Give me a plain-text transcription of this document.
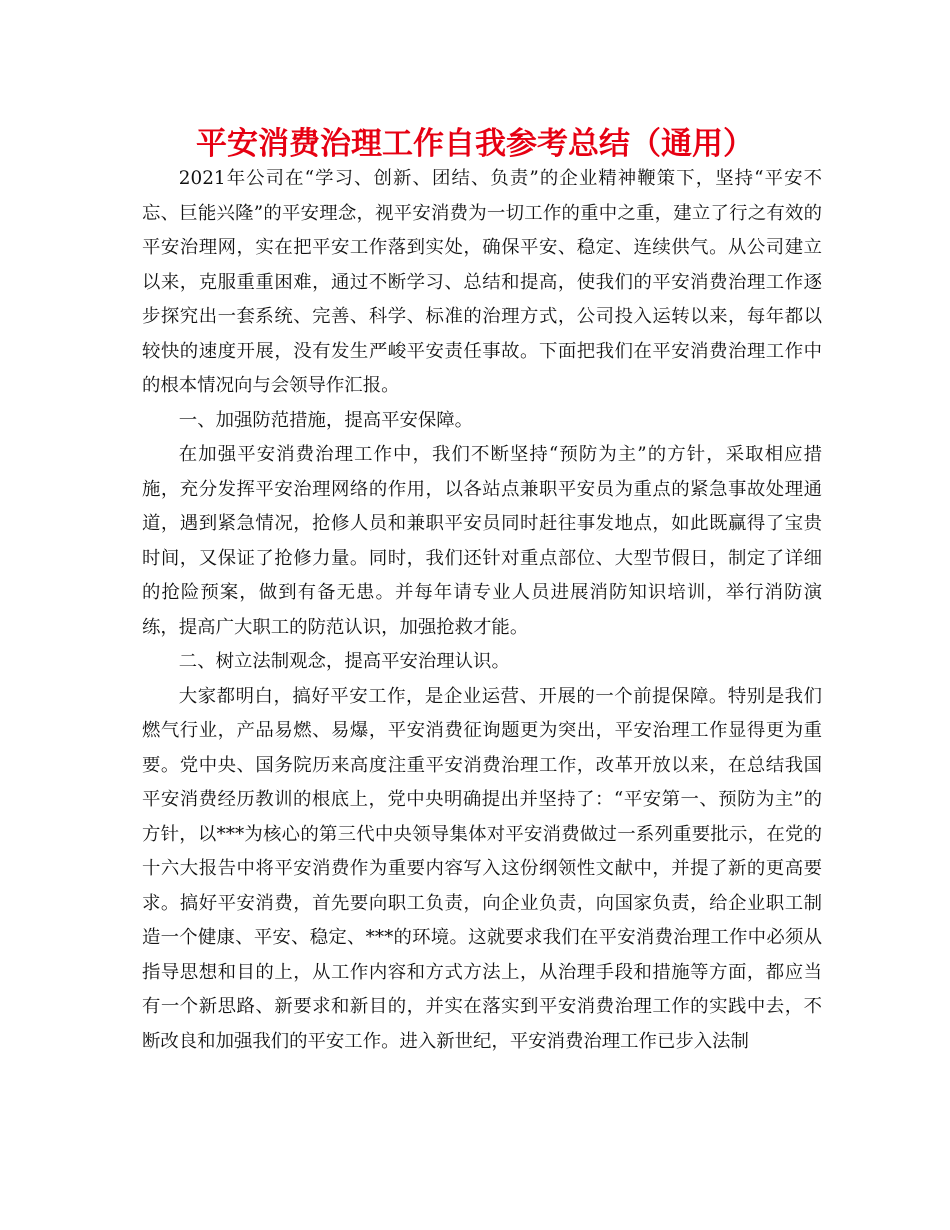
平安消费治理工作自我参考总结（通用）

2021年公司在“学习、创新、团结、负责”的企业精神鞭策下，坚持“平安不忘、巨能兴隆”的平安理念，视平安消费为一切工作的重中之重，建立了行之有效的平安治理网，实在把平安工作落到实处，确保平安、稳定、连续供气。从公司建立以来，克服重重困难，通过不断学习、总结和提高，使我们的平安消费治理工作逐步探究出一套系统、完善、科学、标准的治理方式，公司投入运转以来，每年都以较快的速度开展，没有发生严峻平安责任事故。下面把我们在平安消费治理工作中的根本情况向与会领导作汇报。

一、加强防范措施，提高平安保障。

在加强平安消费治理工作中，我们不断坚持“预防为主”的方针，采取相应措施，充分发挥平安治理网络的作用，以各站点兼职平安员为重点的紧急事故处理通道，遇到紧急情况，抢修人员和兼职平安员同时赶往事发地点，如此既赢得了宝贵时间，又保证了抢修力量。同时，我们还针对重点部位、大型节假日，制定了详细的抢险预案，做到有备无患。并每年请专业人员进展消防知识培训，举行消防演练，提高广大职工的防范认识，加强抢救才能。

二、树立法制观念，提高平安治理认识。

大家都明白，搞好平安工作，是企业运营、开展的一个前提保障。特别是我们燃气行业，产品易燃、易爆，平安消费征询题更为突出，平安治理工作显得更为重要。党中央、国务院历来高度注重平安消费治理工作，改革开放以来，在总结我国平安消费经历教训的根底上，党中央明确提出并坚持了：“平安第一、预防为主”的方针，以***为核心的第三代中央领导集体对平安消费做过一系列重要批示，在党的十六大报告中将平安消费作为重要内容写入这份纲领性文献中，并提了新的更高要求。搞好平安消费，首先要向职工负责，向企业负责，向国家负责，给企业职工制造一个健康、平安、稳定、***的环境。这就要求我们在平安消费治理工作中必须从指导思想和目的上，从工作内容和方式方法上，从治理手段和措施等方面，都应当有一个新思路、新要求和新目的，并实在落实到平安消费治理工作的实践中去，不断改良和加强我们的平安工作。进入新世纪，平安消费治理工作已步入法制
